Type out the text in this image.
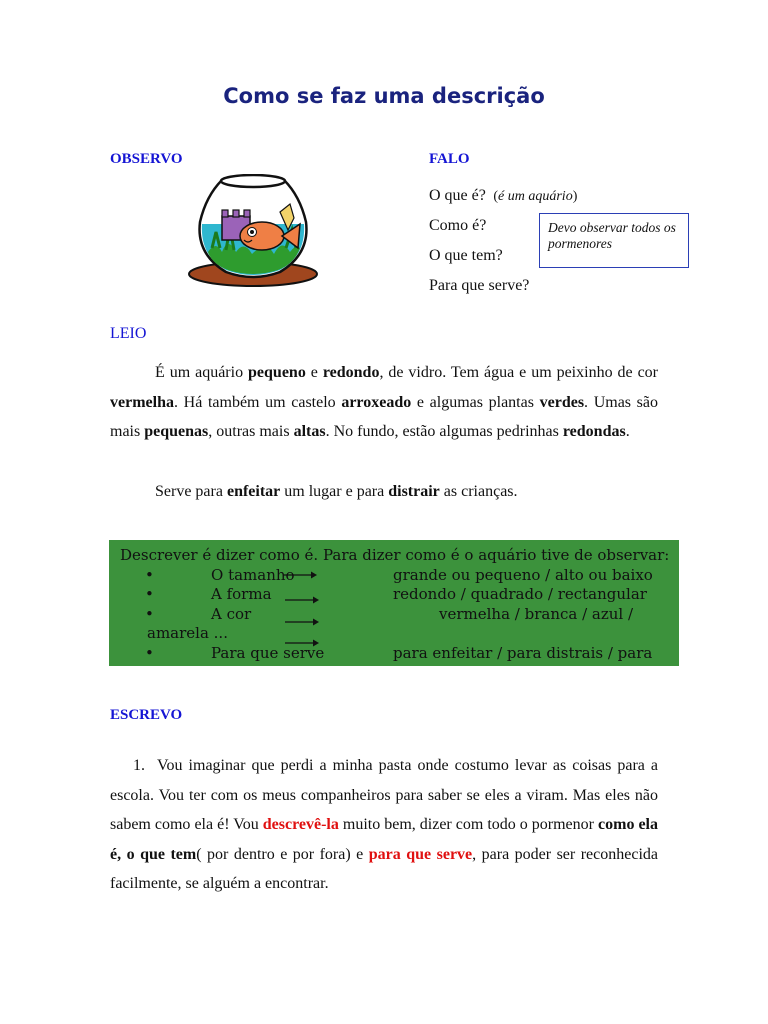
Como se faz uma descrição
OBSERVO	FALO
O que é?  (é um aquário)
Como é?
O que tem?
Para que serve?
Devo observar todos os pormenores
LEIO
É um aquário pequeno e redondo, de vidro. Tem água e um peixinho de cor vermelha. Há também um castelo arroxeado e algumas plantas verdes. Umas são mais pequenas, outras mais altas. No fundo, estão algumas pedrinhas redondas.
Serve para enfeitar um lugar e para distrair as crianças.
Descrever é dizer como é. Para dizer como é o aquário tive de observar:
•	O tamanho	grande ou pequeno / alto ou baixo
•	A forma	redondo / quadrado / rectangular
•	A cor	vermelha / branca / azul /
amarela ...
•	Para que serve	para enfeitar / para distrais / para
ESCREVO
1. Vou imaginar que perdi a minha pasta onde costumo levar as coisas para a escola. Vou ter com os meus companheiros para saber se eles a viram. Mas eles não sabem como ela é! Vou descrevê-la muito bem, dizer com todo o pormenor como ela é, o que tem( por dentro e por fora) e para que serve, para poder ser reconhecida facilmente, se alguém a encontrar.
